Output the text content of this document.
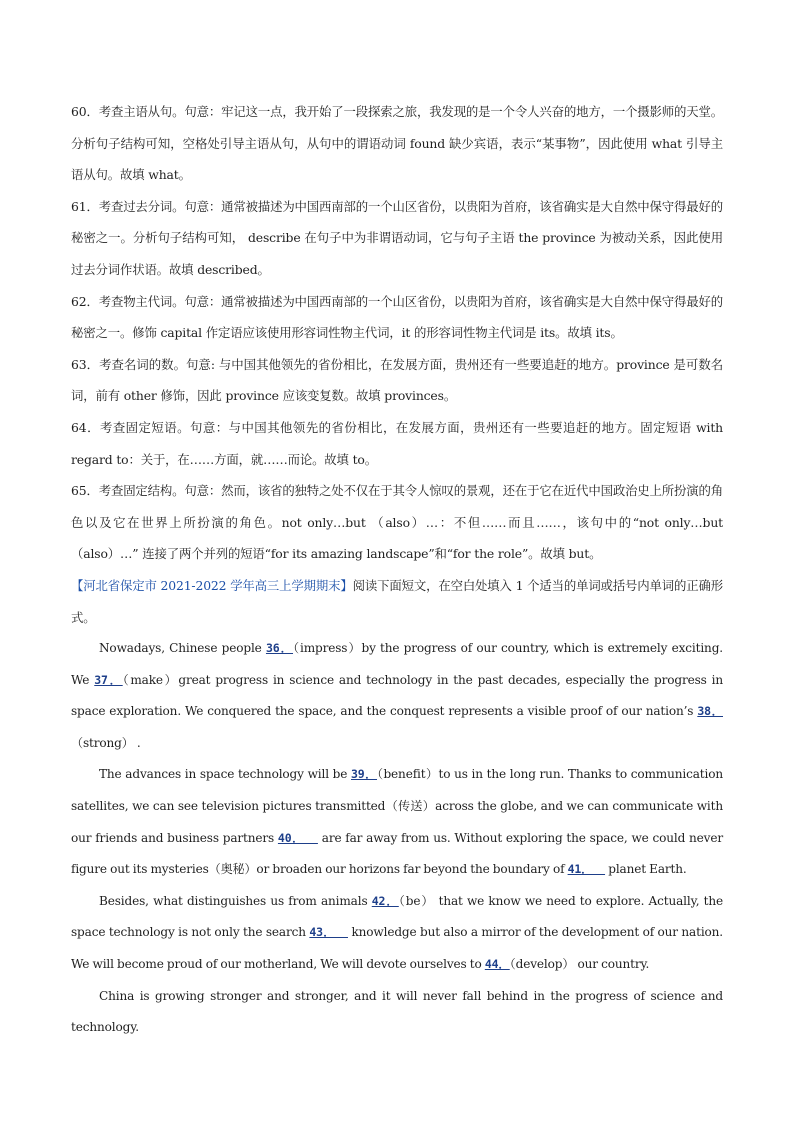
60．考查主语从句。句意：牢记这一点，我开始了一段探索之旅，我发现的是一个令人兴奋的地方，一个摄影师的天堂。分析句子结构可知，空格处引导主语从句，从句中的谓语动词 found 缺少宾语，表示“某事物”，因此使用 what 引导主语从句。故填 what。

61．考查过去分词。句意：通常被描述为中国西南部的一个山区省份，以贵阳为首府，该省确实是大自然中保守得最好的秘密之一。分析句子结构可知， describe 在句子中为非谓语动词，它与句子主语 the province 为被动关系，因此使用过去分词作状语。故填 described。

62．考查物主代词。句意：通常被描述为中国西南部的一个山区省份，以贵阳为首府，该省确实是大自然中保守得最好的秘密之一。修饰 capital 作定语应该使用形容词性物主代词，it 的形容词性物主代词是 its。故填 its。

63．考查名词的数。句意: 与中国其他领先的省份相比，在发展方面，贵州还有一些要追赶的地方。province 是可数名词，前有 other 修饰，因此 province 应该变复数。故填 provinces。

64．考查固定短语。句意：与中国其他领先的省份相比，在发展方面，贵州还有一些要追赶的地方。固定短语 with regard to：关于，在……方面，就……而论。故填 to。

65．考查固定结构。句意：然而，该省的独特之处不仅在于其令人惊叹的景观，还在于它在近代中国政治史上所扮演的角色以及它在世界上所扮演的角色。not only…but （also）…：不但……而且……，该句中的“not only…but （also）…” 连接了两个并列的短语“for its amazing landscape”和“for the role”。故填 but。

【河北省保定市 2021-2022 学年高三上学期期末】阅读下面短文，在空白处填入 1 个适当的单词或括号内单词的正确形式。

Nowadays, Chinese people 36．（impress）by the progress of our country, which is extremely exciting. We 37．（make）great progress in science and technology in the past decades, especially the progress in space exploration. We conquered the space, and the conquest represents a visible proof of our nation’s 38．（strong） .

The advances in space technology will be 39．（benefit）to us in the long run. Thanks to communication satellites, we can see television pictures transmitted（传送）across the globe, and we can communicate with our friends and business partners 40．   are far away from us. Without exploring the space, we could never figure out its mysteries（奥秘）or broaden our horizons far beyond the boundary of 41．   planet Earth.

Besides, what distinguishes us from animals 42．（be） that we know we need to explore. Actually, the space technology is not only the search 43．   knowledge but also a mirror of the development of our nation. We will become proud of our motherland, We will devote ourselves to 44．（develop） our country.

China is growing stronger and stronger, and it will never fall behind in the progress of science and technology.
